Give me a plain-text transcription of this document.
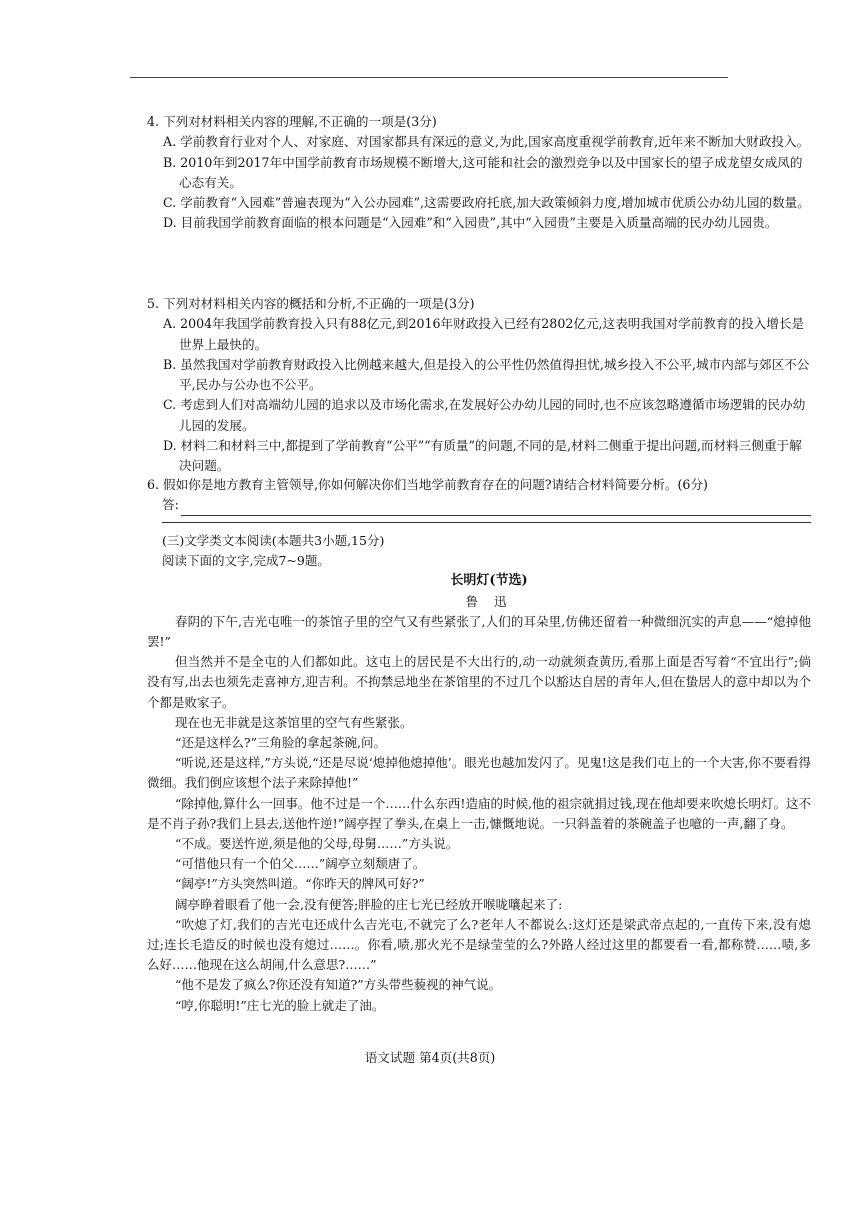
4. 下列对材料相关内容的理解,不正确的一项是(3分)

A. 学前教育行业对个人、对家庭、对国家都具有深远的意义,为此,国家高度重视学前教育,近年来不断加大财政投入。

B. 2010年到2017年中国学前教育市场规模不断增大,这可能和社会的激烈竞争以及中国家长的望子成龙望女成凤的心态有关。

C. 学前教育“入园难”普遍表现为“入公办园难”,这需要政府托底,加大政策倾斜力度,增加城市优质公办幼儿园的数量。

D. 目前我国学前教育面临的根本问题是“入园难”和“入园贵”,其中“入园贵”主要是入质量高端的民办幼儿园贵。

5. 下列对材料相关内容的概括和分析,不正确的一项是(3分)

A. 2004年我国学前教育投入只有88亿元,到2016年财政投入已经有2802亿元,这表明我国对学前教育的投入增长是世界上最快的。

B. 虽然我国对学前教育财政投入比例越来越大,但是投入的公平性仍然值得担忧,城乡投入不公平,城市内部与郊区不公平,民办与公办也不公平。

C. 考虑到人们对高端幼儿园的追求以及市场化需求,在发展好公办幼儿园的同时,也不应该忽略遵循市场逻辑的民办幼儿园的发展。

D. 材料二和材料三中,都提到了学前教育“公平”“有质量”的问题,不同的是,材料二侧重于提出问题,而材料三侧重于解决问题。

6. 假如你是地方教育主管领导,你如何解决你们当地学前教育存在的问题?请结合材料简要分析。(6分)

答:

(三)文学类文本阅读(本题共3小题,15分)

阅读下面的文字,完成7~9题。

长明灯(节选)

鲁 迅

春阴的下午,吉光屯唯一的茶馆子里的空气又有些紧张了,人们的耳朵里,仿佛还留着一种微细沉实的声息——“熄掉他罢!”

但当然并不是全屯的人们都如此。这屯上的居民是不大出行的,动一动就须查黄历,看那上面是否写着“不宜出行”;倘没有写,出去也须先走喜神方,迎吉利。不拘禁忌地坐在茶馆里的不过几个以豁达自居的青年人,但在蛰居人的意中却以为个个都是败家子。

现在也无非就是这茶馆里的空气有些紧张。

“还是这样么?”三角脸的拿起茶碗,问。

“听说,还是这样,”方头说,“还是尽说‘熄掉他熄掉他’。眼光也越加发闪了。见鬼!这是我们屯上的一个大害,你不要看得微细。我们倒应该想个法子来除掉他!”

“除掉他,算什么一回事。他不过是一个……什么东西!造庙的时候,他的祖宗就捐过钱,现在他却要来吹熄长明灯。这不是不肖子孙?我们上县去,送他忤逆!”阔亭捏了拳头,在桌上一击,慷慨地说。一只斜盖着的茶碗盖子也噫的一声,翻了身。

“不成。要送忤逆,须是他的父母,母舅……”方头说。

“可惜他只有一个伯父……”阔亭立刻颓唐了。

“阔亭!”方头突然叫道。“你昨天的牌风可好?”

阔亭睁着眼看了他一会,没有便答;胖脸的庄七光已经放开喉咙嚷起来了:

“吹熄了灯,我们的吉光屯还成什么吉光屯,不就完了么?老年人不都说么:这灯还是梁武帝点起的,一直传下来,没有熄过;连长毛造反的时候也没有熄过……。你看,啧,那火光不是绿莹莹的么?外路人经过这里的都要看一看,都称赞……啧,多么好……他现在这么胡闹,什么意思?……”

“他不是发了疯么?你还没有知道?”方头带些藐视的神气说。

“哼,你聪明!”庄七光的脸上就走了油。

语文试题 第4页(共8页)
